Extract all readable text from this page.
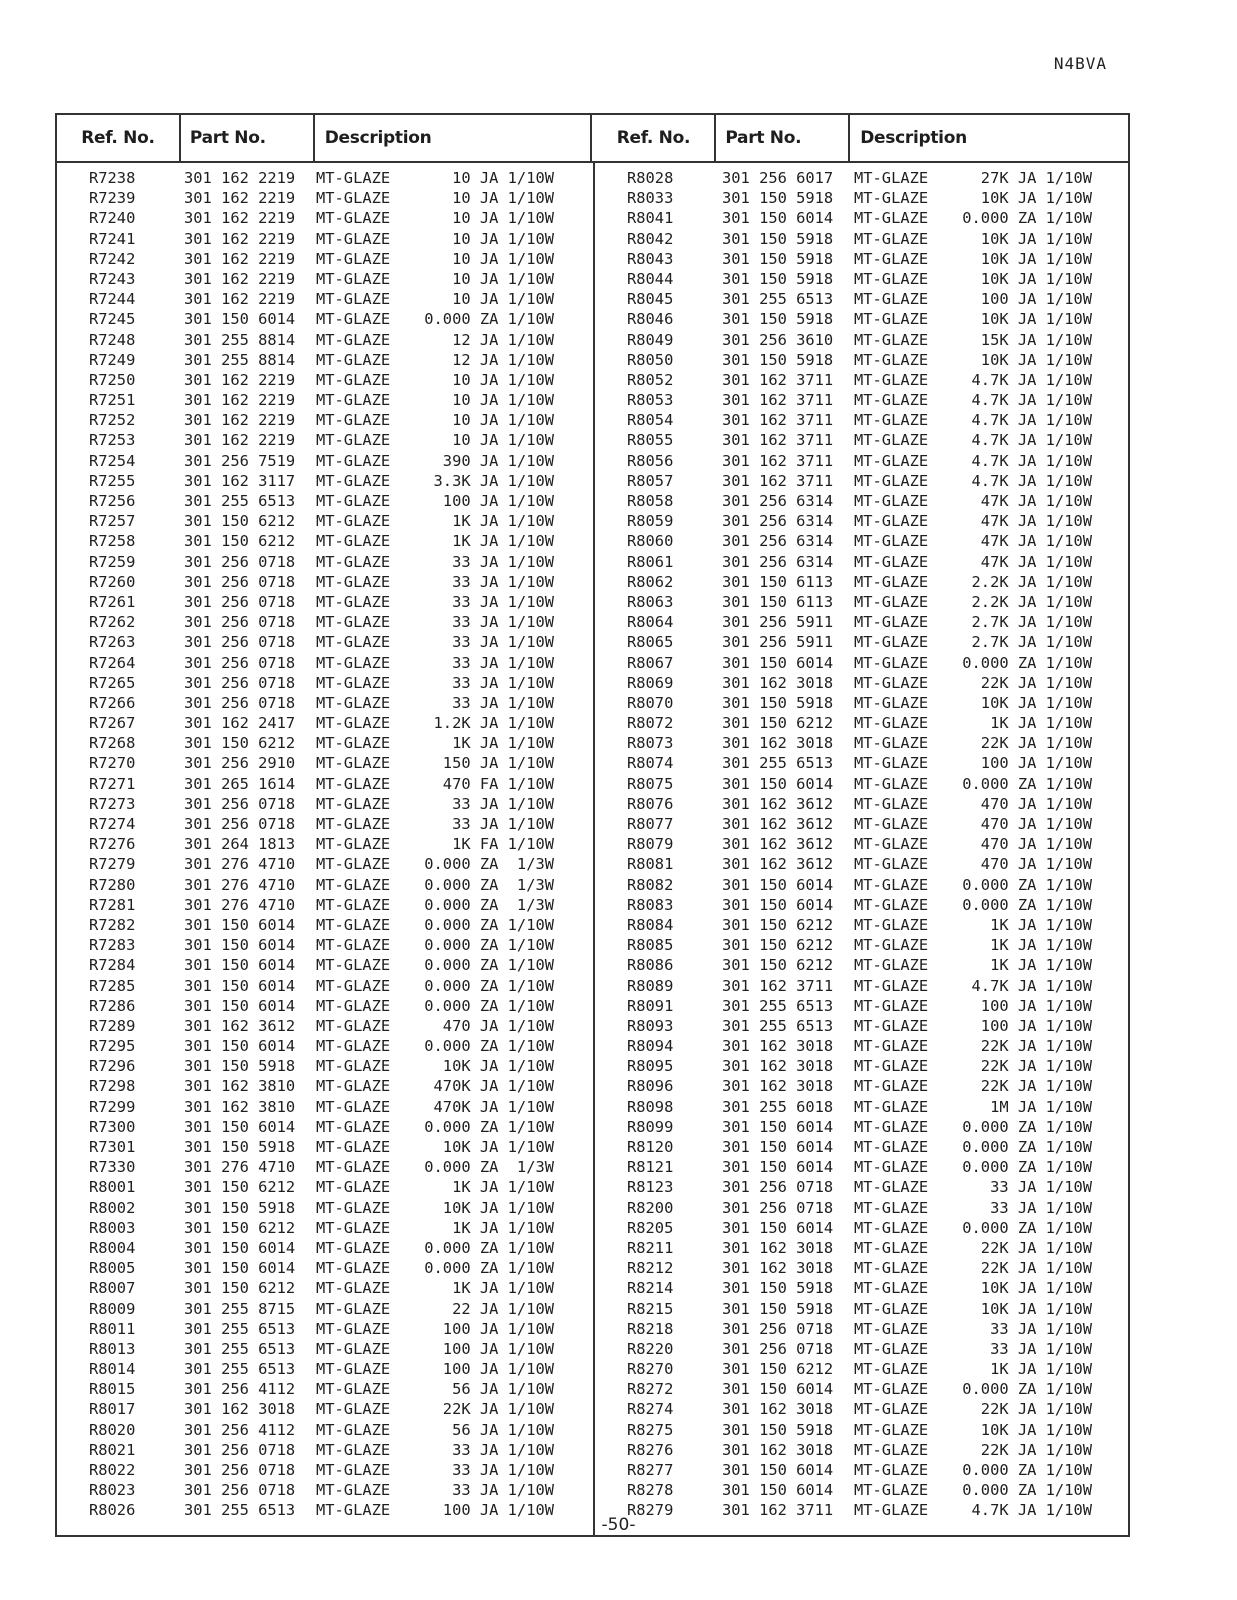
N4BVA
Ref. No.	Part No.	Description	Ref. No.	Part No.	Description
R7238	301 162 2219 MT-GLAZE	10 JA 1/10W
R7239	301 162 2219 MT-GLAZE	10 JA 1/10W
R7240	301 162 2219 MT-GLAZE	10 JA 1/10W
R7241	301 162 2219 MT-GLAZE	10 JA 1/10W
R7242	301 162 2219 MT-GLAZE	10 JA 1/10W
R7243	301 162 2219 MT-GLAZE	10 JA 1/10W
R7244	301 162 2219 MT-GLAZE	10 JA 1/10W
R7245	301 150 6014 MT-GLAZE 0.000 ZA 1/10W
R7248	301 255 8814 MT-GLAZE	12 JA 1/10W
R7249	301 255 8814 MT-GLAZE	12 JA 1/10W
R7250	301 162 2219 MT-GLAZE	10 JA 1/10W
R7251	301 162 2219 MT-GLAZE	10 JA 1/10W
R7252	301 162 2219 MT-GLAZE	10 JA 1/10W
R7253	301 162 2219 MT-GLAZE	10 JA 1/10W
R7254	301 256 7519 MT-GLAZE	390 JA 1/10W
R7255	301 162 3117 MT-GLAZE	3.3K JA 1/10W
R7256	301 255 6513 MT-GLAZE	100 JA 1/10W
R7257	301 150 6212 MT-GLAZE	1K JA 1/10W
R7258	301 150 6212 MT-GLAZE	1K JA 1/10W
R7259	301 256 0718 MT-GLAZE	33 JA 1/10W
R7260	301 256 0718 MT-GLAZE	33 JA 1/10W
R7261	301 256 0718 MT-GLAZE	33 JA 1/10W
R7262	301 256 0718 MT-GLAZE	33 JA 1/10W
R7263	301 256 0718 MT-GLAZE	33 JA 1/10W
R7264	301 256 0718 MT-GLAZE	33 JA 1/10W
R7265	301 256 0718 MT-GLAZE	33 JA 1/10W
R7266	301 256 0718 MT-GLAZE	33 JA 1/10W
R7267	301 162 2417 MT-GLAZE	1.2K JA 1/10W
R7268	301 150 6212 MT-GLAZE	1K JA 1/10W
R7270	301 256 2910 MT-GLAZE	150 JA 1/10W
R7271	301 265 1614 MT-GLAZE	470 FA 1/10W
R7273	301 256 0718 MT-GLAZE	33 JA 1/10W
R7274	301 256 0718 MT-GLAZE	33 JA 1/10W
R7276	301 264 1813 MT-GLAZE	1K FA 1/10W
R7279	301 276 4710 MT-GLAZE 0.000 ZA  1/3W
R7280	301 276 4710 MT-GLAZE 0.000 ZA  1/3W
R7281	301 276 4710 MT-GLAZE 0.000 ZA  1/3W
R7282	301 150 6014 MT-GLAZE 0.000 ZA 1/10W
R7283	301 150 6014 MT-GLAZE 0.000 ZA 1/10W
R7284	301 150 6014 MT-GLAZE 0.000 ZA 1/10W
R7285	301 150 6014 MT-GLAZE 0.000 ZA 1/10W
R7286	301 150 6014 MT-GLAZE 0.000 ZA 1/10W
R7289	301 162 3612 MT-GLAZE	470 JA 1/10W
R7295	301 150 6014 MT-GLAZE 0.000 ZA 1/10W
R7296	301 150 5918 MT-GLAZE	10K JA 1/10W
R7298	301 162 3810 MT-GLAZE	470K JA 1/10W
R7299	301 162 3810 MT-GLAZE	470K JA 1/10W
R7300	301 150 6014 MT-GLAZE 0.000 ZA 1/10W
R7301	301 150 5918 MT-GLAZE	10K JA 1/10W
R7330	301 276 4710 MT-GLAZE 0.000 ZA  1/3W
R8001	301 150 6212 MT-GLAZE	1K JA 1/10W
R8002	301 150 5918 MT-GLAZE	10K JA 1/10W
R8003	301 150 6212 MT-GLAZE	1K JA 1/10W
R8004	301 150 6014 MT-GLAZE 0.000 ZA 1/10W
R8005	301 150 6014 MT-GLAZE 0.000 ZA 1/10W
R8007	301 150 6212 MT-GLAZE	1K JA 1/10W
R8009	301 255 8715 MT-GLAZE	22 JA 1/10W
R8011	301 255 6513 MT-GLAZE	100 JA 1/10W
R8013	301 255 6513 MT-GLAZE	100 JA 1/10W
R8014	301 255 6513 MT-GLAZE	100 JA 1/10W
R8015	301 256 4112 MT-GLAZE	56 JA 1/10W
R8017	301 162 3018 MT-GLAZE	22K JA 1/10W
R8020	301 256 4112 MT-GLAZE	56 JA 1/10W
R8021	301 256 0718 MT-GLAZE	33 JA 1/10W
R8022	301 256 0718 MT-GLAZE	33 JA 1/10W
R8023	301 256 0718 MT-GLAZE	33 JA 1/10W
R8026	301 255 6513 MT-GLAZE	100 JA 1/10W
R8028	301 256 6017 MT-GLAZE	27K JA 1/10W
R8033	301 150 5918 MT-GLAZE	10K JA 1/10W
R8041	301 150 6014 MT-GLAZE 0.000 ZA 1/10W
R8042	301 150 5918 MT-GLAZE	10K JA 1/10W
R8043	301 150 5918 MT-GLAZE	10K JA 1/10W
R8044	301 150 5918 MT-GLAZE	10K JA 1/10W
R8045	301 255 6513 MT-GLAZE	100 JA 1/10W
R8046	301 150 5918 MT-GLAZE	10K JA 1/10W
R8049	301 256 3610 MT-GLAZE	15K JA 1/10W
R8050	301 150 5918 MT-GLAZE	10K JA 1/10W
R8052	301 162 3711 MT-GLAZE	4.7K JA 1/10W
R8053	301 162 3711 MT-GLAZE	4.7K JA 1/10W
R8054	301 162 3711 MT-GLAZE	4.7K JA 1/10W
R8055	301 162 3711 MT-GLAZE	4.7K JA 1/10W
R8056	301 162 3711 MT-GLAZE	4.7K JA 1/10W
R8057	301 162 3711 MT-GLAZE	4.7K JA 1/10W
R8058	301 256 6314 MT-GLAZE	47K JA 1/10W
R8059	301 256 6314 MT-GLAZE	47K JA 1/10W
R8060	301 256 6314 MT-GLAZE	47K JA 1/10W
R8061	301 256 6314 MT-GLAZE	47K JA 1/10W
R8062	301 150 6113 MT-GLAZE	2.2K JA 1/10W
R8063	301 150 6113 MT-GLAZE	2.2K JA 1/10W
R8064	301 256 5911 MT-GLAZE	2.7K JA 1/10W
R8065	301 256 5911 MT-GLAZE	2.7K JA 1/10W
R8067	301 150 6014 MT-GLAZE 0.000 ZA 1/10W
R8069	301 162 3018 MT-GLAZE	22K JA 1/10W
R8070	301 150 5918 MT-GLAZE	10K JA 1/10W
R8072	301 150 6212 MT-GLAZE	1K JA 1/10W
R8073	301 162 3018 MT-GLAZE	22K JA 1/10W
R8074	301 255 6513 MT-GLAZE	100 JA 1/10W
R8075	301 150 6014 MT-GLAZE 0.000 ZA 1/10W
R8076	301 162 3612 MT-GLAZE	470 JA 1/10W
R8077	301 162 3612 MT-GLAZE	470 JA 1/10W
R8079	301 162 3612 MT-GLAZE	470 JA 1/10W
R8081	301 162 3612 MT-GLAZE	470 JA 1/10W
R8082	301 150 6014 MT-GLAZE 0.000 ZA 1/10W
R8083	301 150 6014 MT-GLAZE 0.000 ZA 1/10W
R8084	301 150 6212 MT-GLAZE	1K JA 1/10W
R8085	301 150 6212 MT-GLAZE	1K JA 1/10W
R8086	301 150 6212 MT-GLAZE	1K JA 1/10W
R8089	301 162 3711 MT-GLAZE	4.7K JA 1/10W
R8091	301 255 6513 MT-GLAZE	100 JA 1/10W
R8093	301 255 6513 MT-GLAZE	100 JA 1/10W
R8094	301 162 3018 MT-GLAZE	22K JA 1/10W
R8095	301 162 3018 MT-GLAZE	22K JA 1/10W
R8096	301 162 3018 MT-GLAZE	22K JA 1/10W
R8098	301 255 6018 MT-GLAZE	1M JA 1/10W
R8099	301 150 6014 MT-GLAZE 0.000 ZA 1/10W
R8120	301 150 6014 MT-GLAZE 0.000 ZA 1/10W
R8121	301 150 6014 MT-GLAZE 0.000 ZA 1/10W
R8123	301 256 0718 MT-GLAZE	33 JA 1/10W
R8200	301 256 0718 MT-GLAZE	33 JA 1/10W
R8205	301 150 6014 MT-GLAZE 0.000 ZA 1/10W
R8211	301 162 3018 MT-GLAZE	22K JA 1/10W
R8212	301 162 3018 MT-GLAZE	22K JA 1/10W
R8214	301 150 5918 MT-GLAZE	10K JA 1/10W
R8215	301 150 5918 MT-GLAZE	10K JA 1/10W
R8218	301 256 0718 MT-GLAZE	33 JA 1/10W
R8220	301 256 0718 MT-GLAZE	33 JA 1/10W
R8270	301 150 6212 MT-GLAZE	1K JA 1/10W
R8272	301 150 6014 MT-GLAZE 0.000 ZA 1/10W
R8274	301 162 3018 MT-GLAZE	22K JA 1/10W
R8275	301 150 5918 MT-GLAZE	10K JA 1/10W
R8276	301 162 3018 MT-GLAZE	22K JA 1/10W
R8277	301 150 6014 MT-GLAZE 0.000 ZA 1/10W
R8278	301 150 6014 MT-GLAZE 0.000 ZA 1/10W
R8279	301 162 3711 MT-GLAZE	4.7K JA 1/10W
-50-
